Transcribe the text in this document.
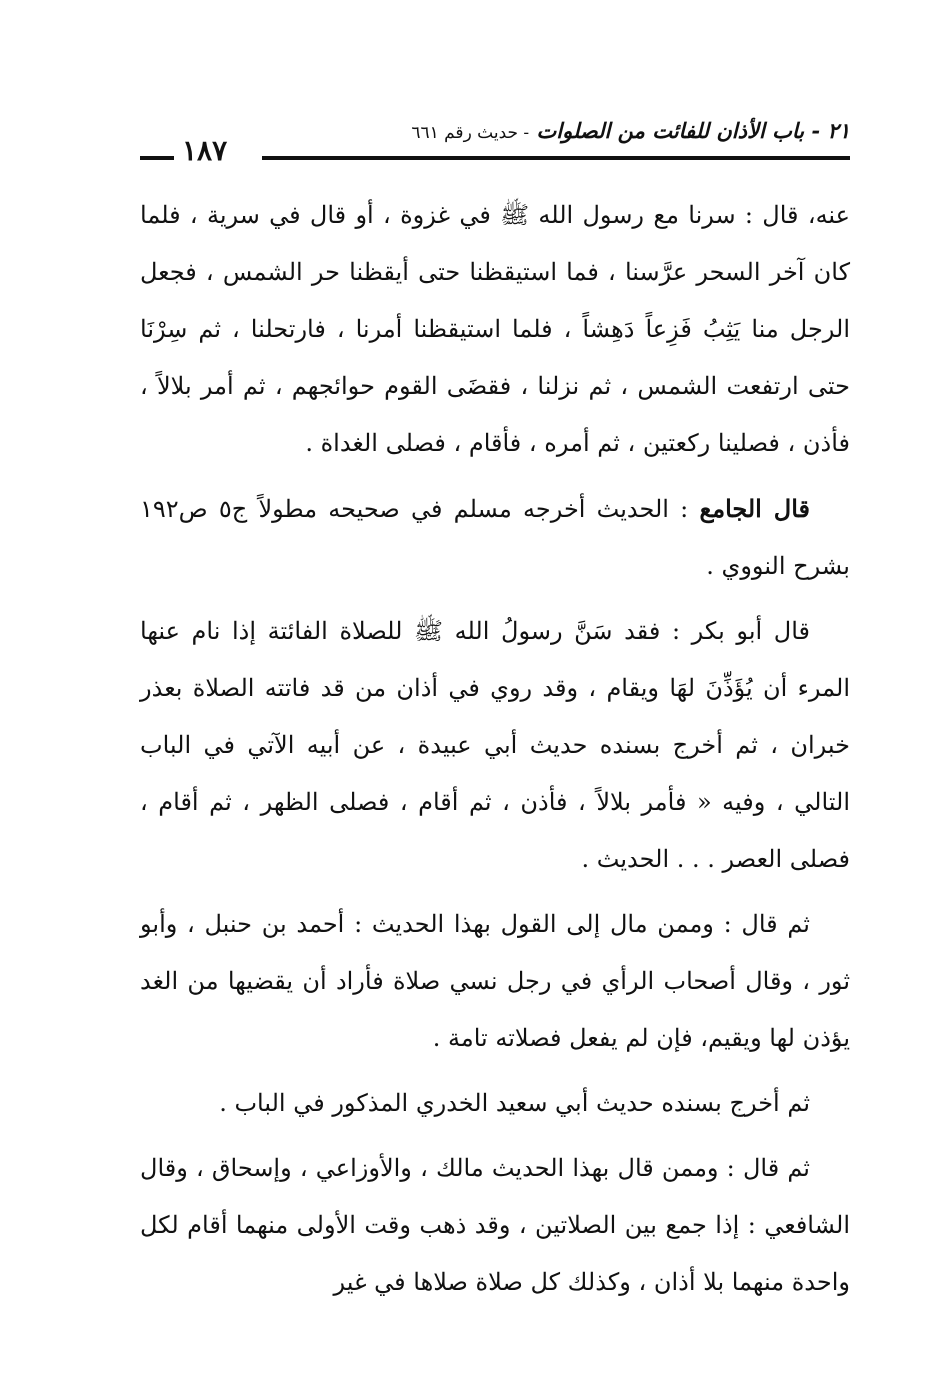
١٨٧
٢١ - باب الأذان للفائت من الصلوات - حديث رقم ٦٦١

عنه، قال : سرنا مع رسول الله ﷺ في غزوة ، أو قال في سرية ، فلما كان آخر السحر عرَّسنا ، فما استيقظنا حتى أيقظنا حر الشمس ، فجعل الرجل منا يَثِبُ فَزِعاً دَهِشاً ، فلما استيقظنا أمرنا ، فارتحلنا ، ثم سِرْنَا حتى ارتفعت الشمس ، ثم نزلنا ، فقضَى القوم حوائجهم ، ثم أمر بلالاً ، فأذن ، فصلينا ركعتين ، ثم أمره ، فأقام ، فصلى الغداة .

قال الجامع : الحديث أخرجه مسلم في صحيحه مطولاً ج٥ ص١٩٢ بشرح النووي .

قال أبو بكر : فقد سَنَّ رسولُ الله ﷺ للصلاة الفائتة إذا نام عنها المرء أن يُؤَذِّنَ لهَا ويقام ، وقد روي في أذان من قد فاتته الصلاة بعذر خبران ، ثم أخرج بسنده حديث أبي عبيدة ، عن أبيه الآتي في الباب التالي ، وفيه « فأمر بلالاً ، فأذن ، ثم أقام ، فصلى الظهر ، ثم أقام ، فصلى العصر . . . الحديث .

ثم قال : وممن مال إلى القول بهذا الحديث : أحمد بن حنبل ، وأبو ثور ، وقال أصحاب الرأي في رجل نسي صلاة فأراد أن يقضيها من الغد يؤذن لها ويقيم، فإن لم يفعل فصلاته تامة .

ثم أخرج بسنده حديث أبي سعيد الخدري المذكور في الباب .

ثم قال : وممن قال بهذا الحديث مالك ، والأوزاعي ، وإسحاق ، وقال الشافعي : إذا جمع بين الصلاتين ، وقد ذهب وقت الأولى منهما أقام لكل واحدة منهما بلا أذان ، وكذلك كل صلاة صلاها في غير
